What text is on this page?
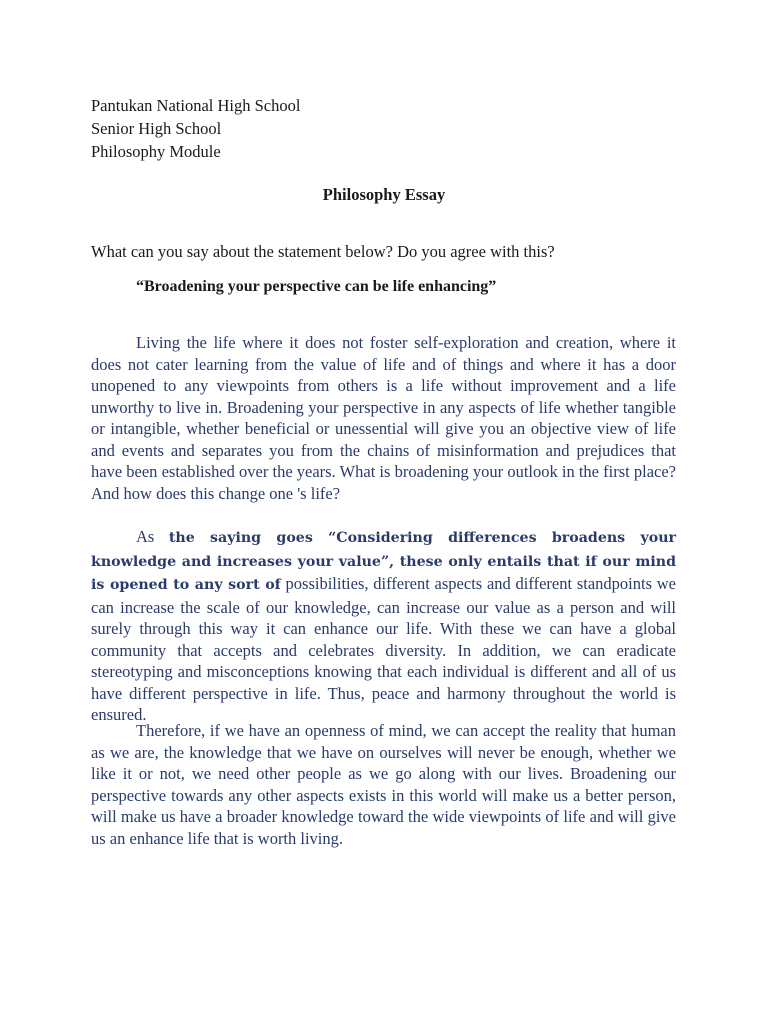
Pantukan National High School
Senior High School
Philosophy Module
Philosophy Essay
What can you say about the statement below? Do you agree with this?
“Broadening your perspective can be life enhancing”
Living the life where it does not foster self-exploration and creation, where it does not cater learning from the value of life and of things and where it has a door unopened to any viewpoints from others is a life without improvement and a life unworthy to live in. Broadening your perspective in any aspects of life whether tangible or intangible, whether beneficial or unessential will give you an objective view of life and events and separates you from the chains of misinformation and prejudices that have been established over the years. What is broadening your outlook in the first place? And how does this change one 's life?
As the saying goes “Considering differences broadens your knowledge and increases your value”, these only entails that if our mind is opened to any sort of possibilities, different aspects and different standpoints we can increase the scale of our knowledge, can increase our value as a person and will surely through this way it can enhance our life. With these we can have a global community that accepts and celebrates diversity. In addition, we can eradicate stereotyping and misconceptions knowing that each individual is different and all of us have different perspective in life. Thus, peace and harmony throughout the world is ensured.
Therefore, if we have an openness of mind, we can accept the reality that human as we are, the knowledge that we have on ourselves will never be enough, whether we like it or not, we need other people as we go along with our lives. Broadening our perspective towards any other aspects exists in this world will make us a better person, will make us have a broader knowledge toward the wide viewpoints of life and will give us an enhance life that is worth living.
